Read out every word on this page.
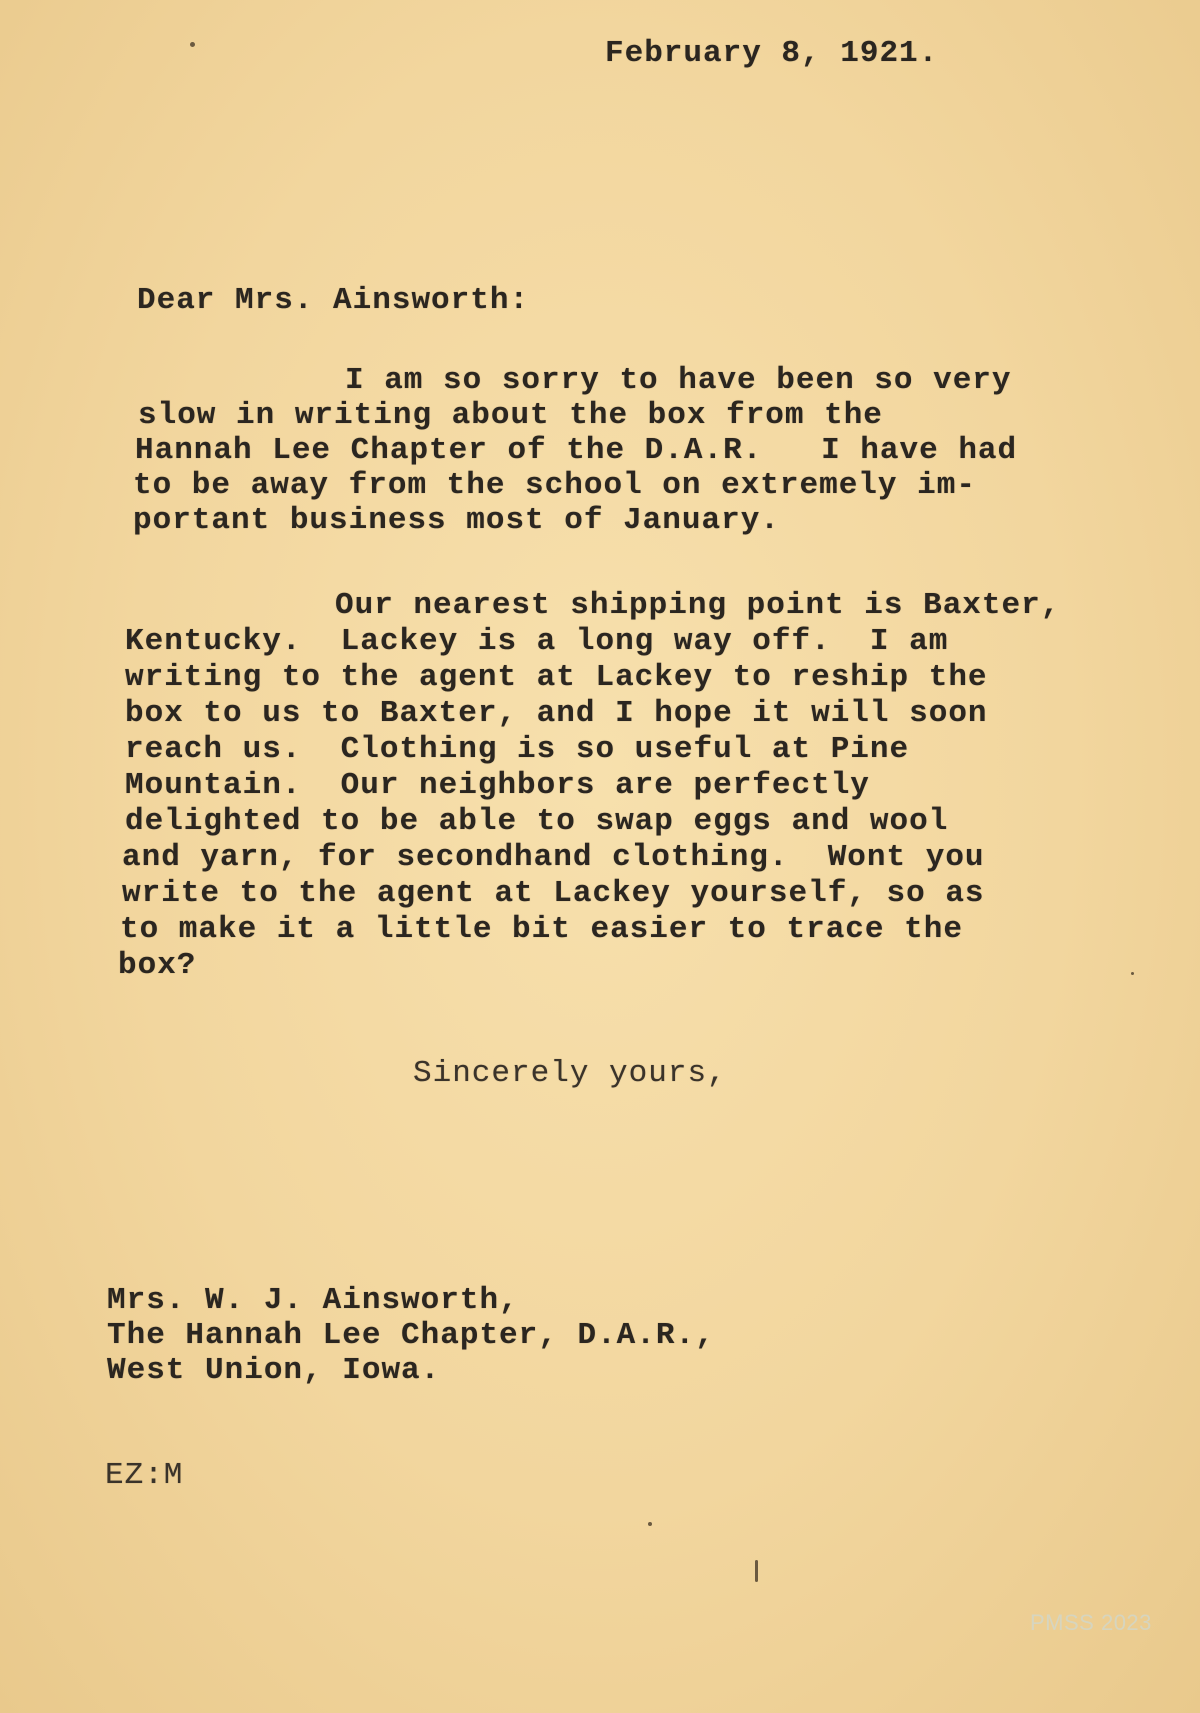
February 8, 1921.
Dear Mrs. Ainsworth:
I am so sorry to have been so very
slow in writing about the box from the
Hannah Lee Chapter of the D.A.R.   I have had
to be away from the school on extremely im-
portant business most of January.
Our nearest shipping point is Baxter,
Kentucky.  Lackey is a long way off.  I am
writing to the agent at Lackey to reship the
box to us to Baxter, and I hope it will soon
reach us.  Clothing is so useful at Pine
Mountain.  Our neighbors are perfectly
delighted to be able to swap eggs and wool
and yarn, for secondhand clothing.  Wont you
write to the agent at Lackey yourself, so as
to make it a little bit easier to trace the
box?
Sincerely yours,
Mrs. W. J. Ainsworth,
The Hannah Lee Chapter, D.A.R.,
West Union, Iowa.
EZ:M
PMSS 2023
